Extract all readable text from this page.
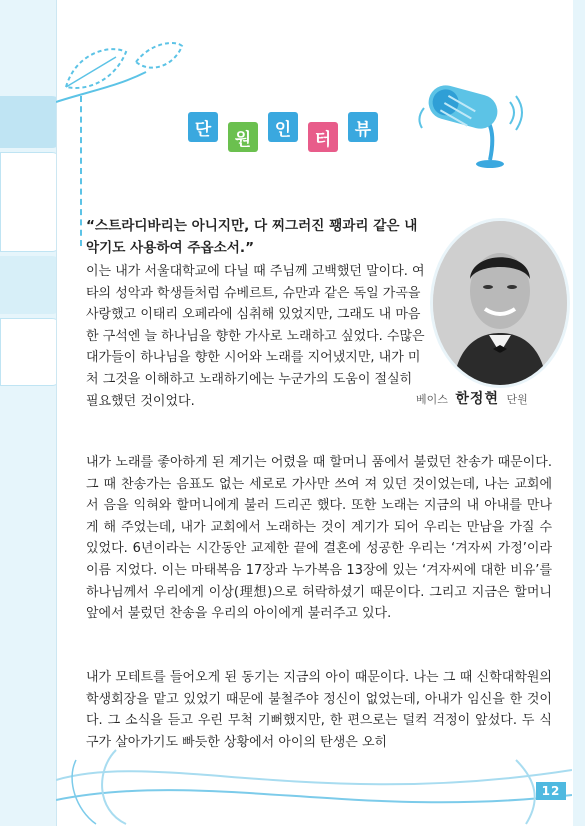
단	원	인	터	뷰
베이스 한정현 단원
“스트라디바리는 아니지만, 다 찌그러진 꽹과리 같은 내 악기도 사용하여 주옵소서.”

이는 내가 서울대학교에 다닐 때 주님께 고백했던 말이다. 여타의 성악과 학생들처럼 슈베르트, 슈만과 같은 독일 가곡을 사랑했고 이태리 오페라에 심취해 있었지만, 그래도 내 마음 한 구석엔 늘 하나님을 향한 가사로 노래하고 싶었다. 수많은 대가들이 하나님을 향한 시어와 노래를 지어냈지만, 내가 미처 그것을 이해하고 노래하기에는 누군가의 도움이 절실히 필요했던 것이었다.

내가 노래를 좋아하게 된 계기는 어렸을 때 할머니 품에서 불렀던 찬송가 때문이다. 그 때 찬송가는 음표도 없는 세로로 가사만 쓰여 져 있던 것이었는데, 나는 교회에서 음을 익혀와 할머니에게 불러 드리곤 했다. 또한 노래는 지금의 내 아내를 만나게 해 주었는데, 내가 교회에서 노래하는 것이 계기가 되어 우리는 만남을 가질 수 있었다. 6년이라는 시간동안 교제한 끝에 결혼에 성공한 우리는 ‘겨자씨 가정’이라 이름 지었다. 이는 마태복음 17장과 누가복음 13장에 있는 ‘겨자씨에 대한 비유’를 하나님께서 우리에게 이상(理想)으로 허락하셨기 때문이다. 그리고 지금은 할머니 앞에서 불렀던 찬송을 우리의 아이에게 불러주고 있다.

내가 모테트를 들어오게 된 동기는 지금의 아이 때문이다. 나는 그 때 신학대학원의 학생회장을 맡고 있었기 때문에 불철주야 정신이 없었는데, 아내가 임신을 한 것이다. 그 소식을 듣고 우린 무척 기뻐했지만, 한 편으로는 덜컥 걱정이 앞섰다. 두 식구가 살아가기도 빠듯한 상황에서 아이의 탄생은 오히

12
